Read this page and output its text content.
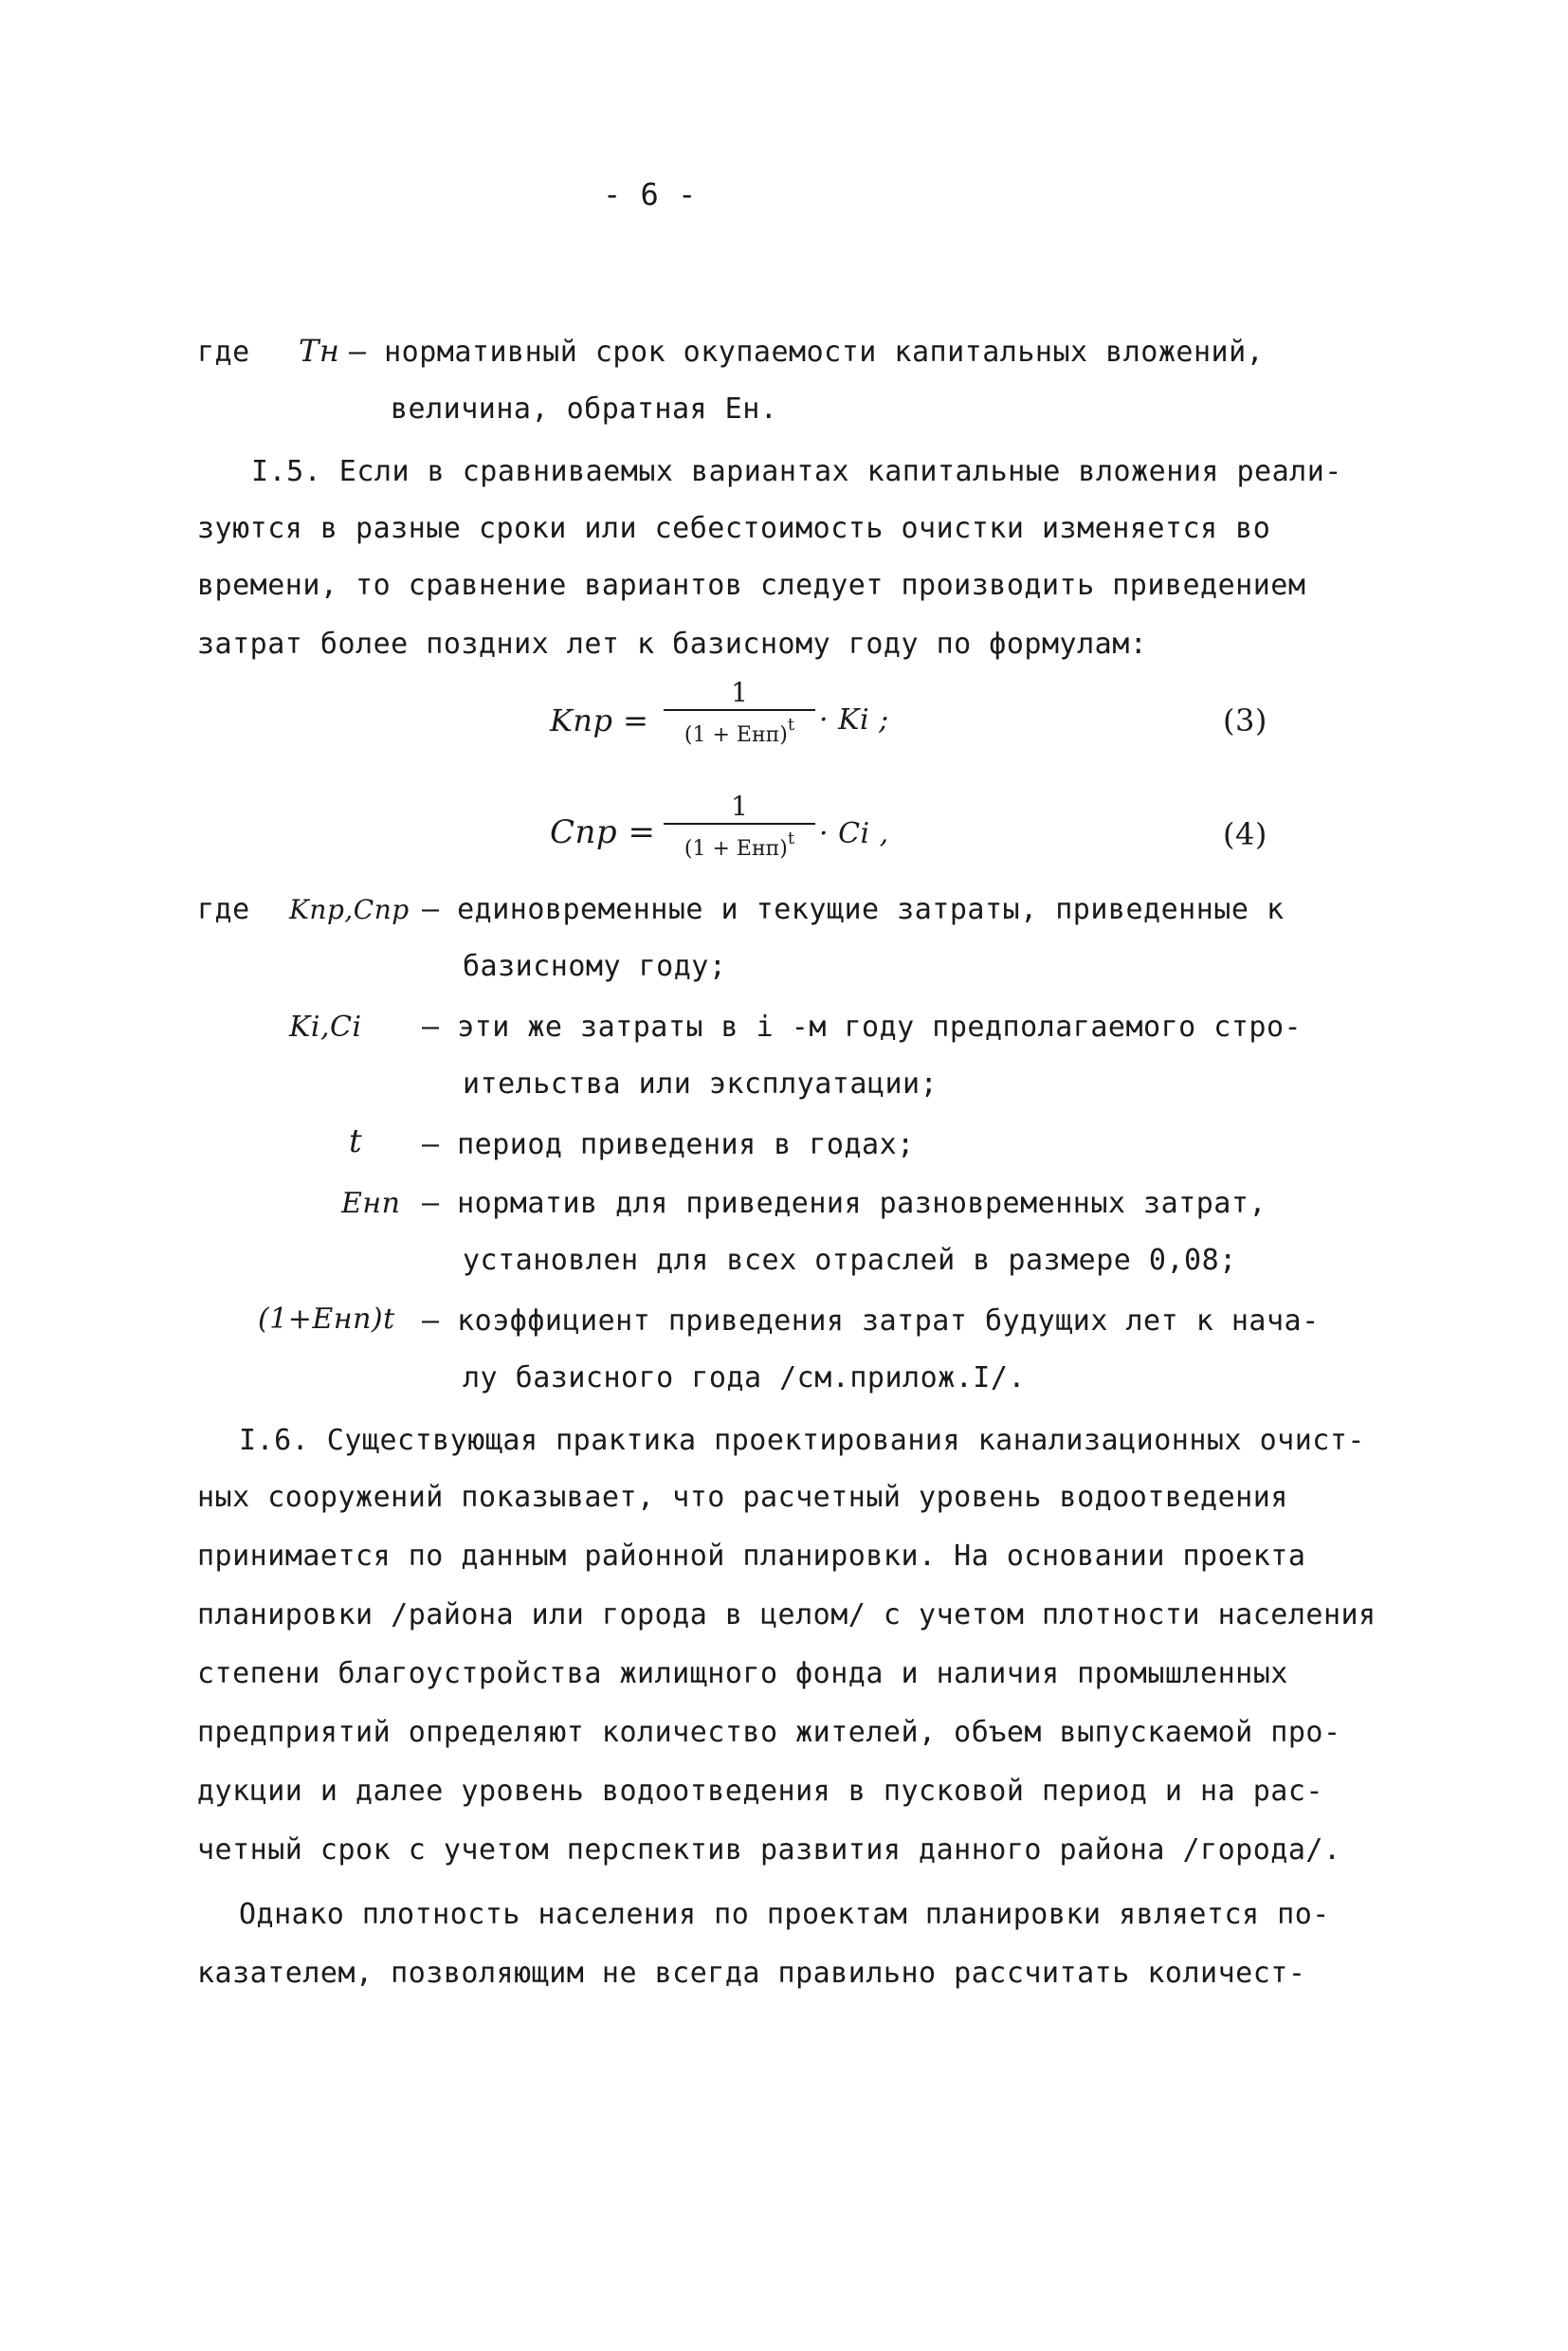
- 6 -
где Тн – нормативный срок окупаемости капитальных вложений,
величина, обратная Ен.
I.5. Если в сравниваемых вариантах капитальные вложения реали-
зуются в разные сроки или себестоимость очистки изменяется во
времени, то сравнение вариантов следует производить приведением
затрат более поздних лет к базисному году по формулам:
Kпр =
1
(1 + Енп)$^t$ · Ki ;	(3)
Cпр =
1
(1 + Енп)$^t$ · Ci ,	(4)
где Kпр,Cпр – единовременные и текущие затраты, приведенные к
базисному году;
Ki,Ci – эти же затраты в i -м году предполагаемого стро-
ительства или эксплуатации;
t – период приведения в годах;
Енп – норматив для приведения разновременных затрат,
установлен для всех отраслей в размере 0,08;
(1+Енп)t – коэффициент приведения затрат будущих лет к нача-
лу базисного года /см.прилож.I/.
I.6. Существующая практика проектирования канализационных очист-
ных сооружений показывает, что расчетный уровень водоотведения
принимается по данным районной планировки. На основании проекта
планировки /района или города в целом/ с учетом плотности населения
степени благоустройства жилищного фонда и наличия промышленных
предприятий определяют количество жителей, объем выпускаемой про-
дукции и далее уровень водоотведения в пусковой период и на рас-
четный срок с учетом перспектив развития данного района /города/.
Однако плотность населения по проектам планировки является по-
казателем, позволяющим не всегда правильно рассчитать количест-
